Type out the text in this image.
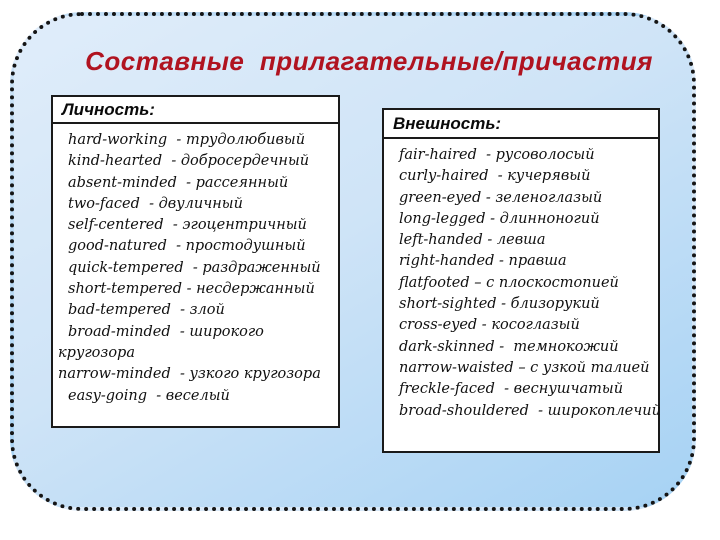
Составные  прилагательные/причастия
Личность:
hard-working  - трудолюбивый
kind-hearted  - добросердечный
absent-minded  - рассеянный
two-faced  - двуличный
self-centered  - эгоцентричный
good-natured  - простодушный
quick-tempered  - раздраженный
short-tempered - несдержанный
bad-tempered  - злой
broad-minded  - широкого
кругозора
narrow-minded  - узкого кругозора
easy-going  - веселый
Внешность:
fair-haired  - русоволосый
curly-haired  - кучерявый
green-eyed - зеленоглазый
long-legged - длинноногий
left-handed - левша
right-handed - правша
flatfooted – с плоскостопией
short-sighted - близорукий
cross-eyed - косоглазый
dark-skinned -  темнокожий
narrow-waisted – с узкой талией
freckle-faced  - веснушчатый
broad-shouldered  - широкоплечий
